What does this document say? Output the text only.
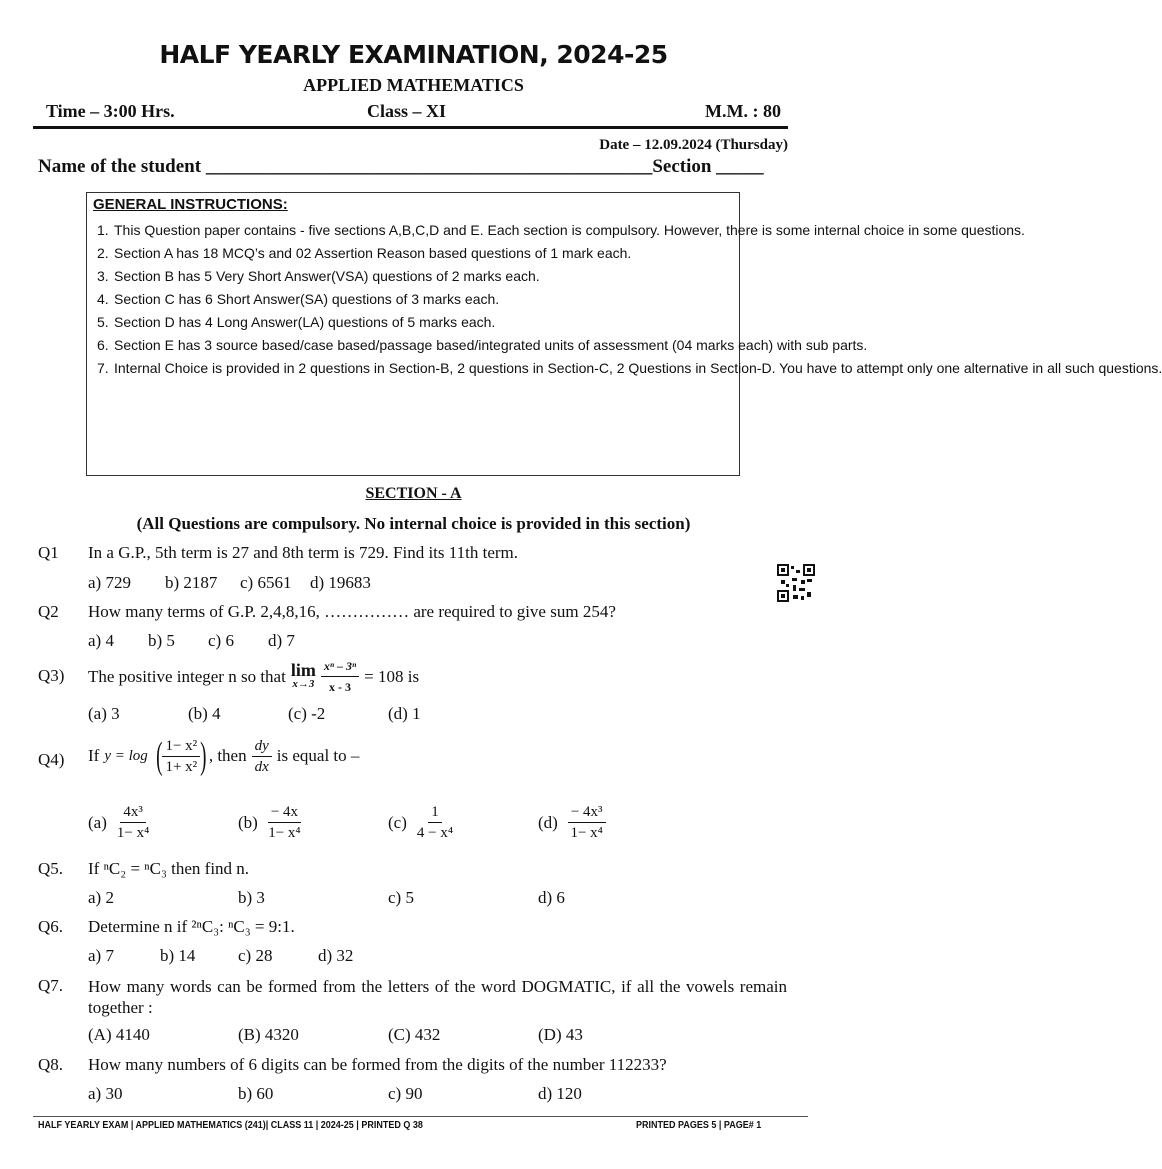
HALF YEARLY EXAMINATION, 2024-25
APPLIED MATHEMATICS
Time – 3:00 Hrs.	Class – XI	M.M. : 80
Date – 12.09.2024 (Thursday)
Name of the student _______________________________________________Section _____
GENERAL INSTRUCTIONS:
1. This Question paper contains - five sections A,B,C,D and E. Each section is compulsory. However, there is some internal choice in some questions.
2. Section A has 18 MCQ’s and 02 Assertion Reason based questions of 1 mark each.
3. Section B has 5 Very Short Answer(VSA) questions of 2 marks each.
4. Section C has 6 Short Answer(SA) questions of 3 marks each.
5. Section D has 4 Long Answer(LA) questions of 5 marks each.
6. Section E has 3 source based/case based/passage based/integrated units of assessment (04 marks each) with sub parts.
7. Internal Choice is provided in 2 questions in Section-B, 2 questions in Section-C, 2 Questions in Section-D. You have to attempt only one alternative in all such questions.
SECTION - A
(All Questions are compulsory. No internal choice is provided in this section)
Q1 In a G.P., 5th term is 27 and 8th term is 729. Find its 11th term.
a) 729 b) 2187 c) 6561 d) 19683
Q2 How many terms of G.P. 2,4,8,16, …………… are required to give sum 254?
a) 4 b) 5 c) 6 d) 7
Q3) The positive integer n so that lim
$x\to 3 \frac{\text{xⁿ – 3ⁿ}}{x - 3} = 108$ is
(a) 3	(b) 4	(c) -2	(d) 1
Q4) If y = log ( $\frac{\text{1− x²}}{\text{1+ x²}}$ ) , then $\frac{dy}{dx}$ is equal to –
$(a) \frac{\text{4x³}}{\text{1− x⁴}}$	$(b) \frac{- 4x}{\text{1− x⁴}}$	$(c) \frac{1}{\text{4 − x⁴}}$	$(d) \frac{\text{− 4x³}}{\text{1− x⁴}}$
Q5. If ⁿC₂ = ⁿC₃ then find n.
a) 2	b) 3	c) 5	d) 6
Q6. Determine n if ²ⁿC₃: ⁿC₃ = 9:1.
a) 7	b) 14	c) 28	d) 32
Q7. How many words can be formed from the letters of the word DOGMATIC, if all the vowels remain together :
(A) 4140	(B) 4320	(C) 432	(D) 43
Q8. How many numbers of 6 digits can be formed from the digits of the number 112233?
a) 30	b) 60	c) 90	d) 120
HALF YEARLY EXAM | APPLIED MATHEMATICS (241)| CLASS 11 | 2024-25 | PRINTED Q 38	PRINTED PAGES 5 | PAGE# 1
